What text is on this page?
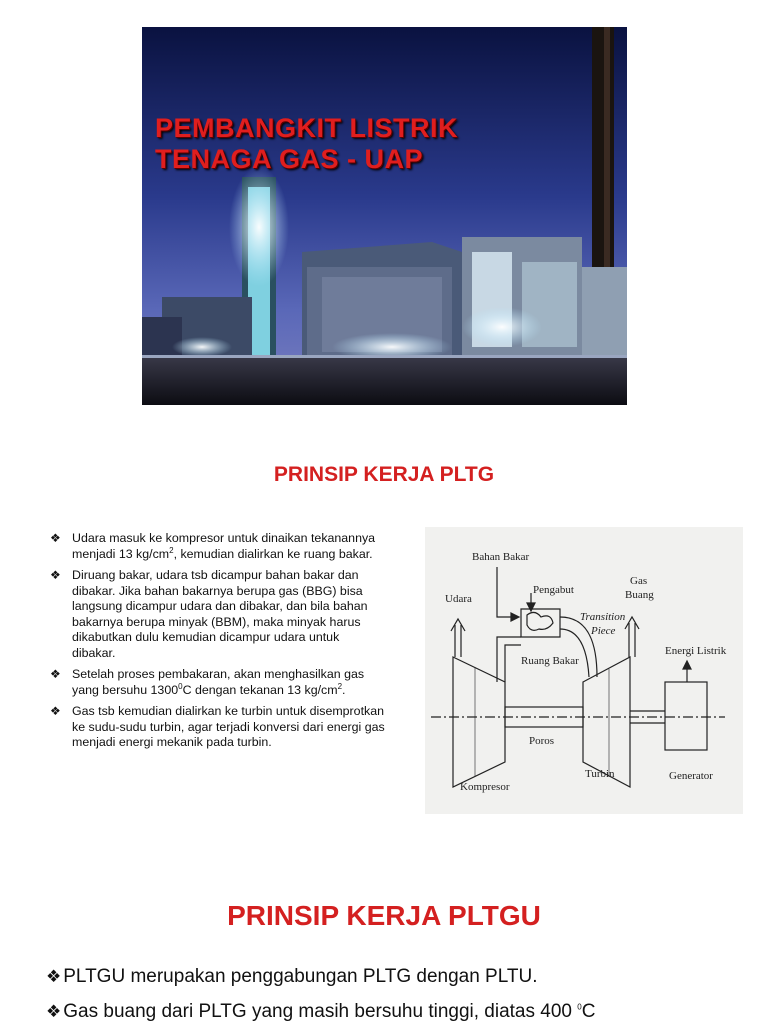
PEMBANGKIT LISTRIK
TENAGA GAS - UAP
PRINSIP KERJA PLTG
❖ Udara masuk ke kompresor untuk dinaikan tekanannya menjadi 13 $kg/cm^2$, kemudian dialirkan ke ruang bakar.
❖ Diruang bakar, udara tsb dicampur bahan bakar dan dibakar. Jika bahan bakarnya berupa gas (BBG) bisa langsung dicampur udara dan dibakar, dan bila bahan bakarnya berupa minyak (BBM), maka minyak harus dikabutkan dulu kemudian dicampur udara untuk dibakar.
❖ Setelah proses pembakaran, akan menghasilkan gas yang bersuhu 1300$^0$C dengan tekanan 13 $kg/cm^2$.
❖ Gas tsb kemudian dialirkan ke turbin untuk disemprotkan ke sudu-sudu turbin, agar terjadi konversi dari energi gas menjadi energi mekanik pada turbin.

Bahan Bakar

Pengabut

Gas

Buang

Udara

Transition

Piece

Ruang Bakar

Energi Listrik

Poros

Kompresor

Turbin	Generator

PRINSIP KERJA PLTGU
❖ PLTGU merupakan penggabungan PLTG dengan PLTU.
❖ Gas buang dari PLTG yang masih bersuhu tinggi, diatas 400 $^0$C
